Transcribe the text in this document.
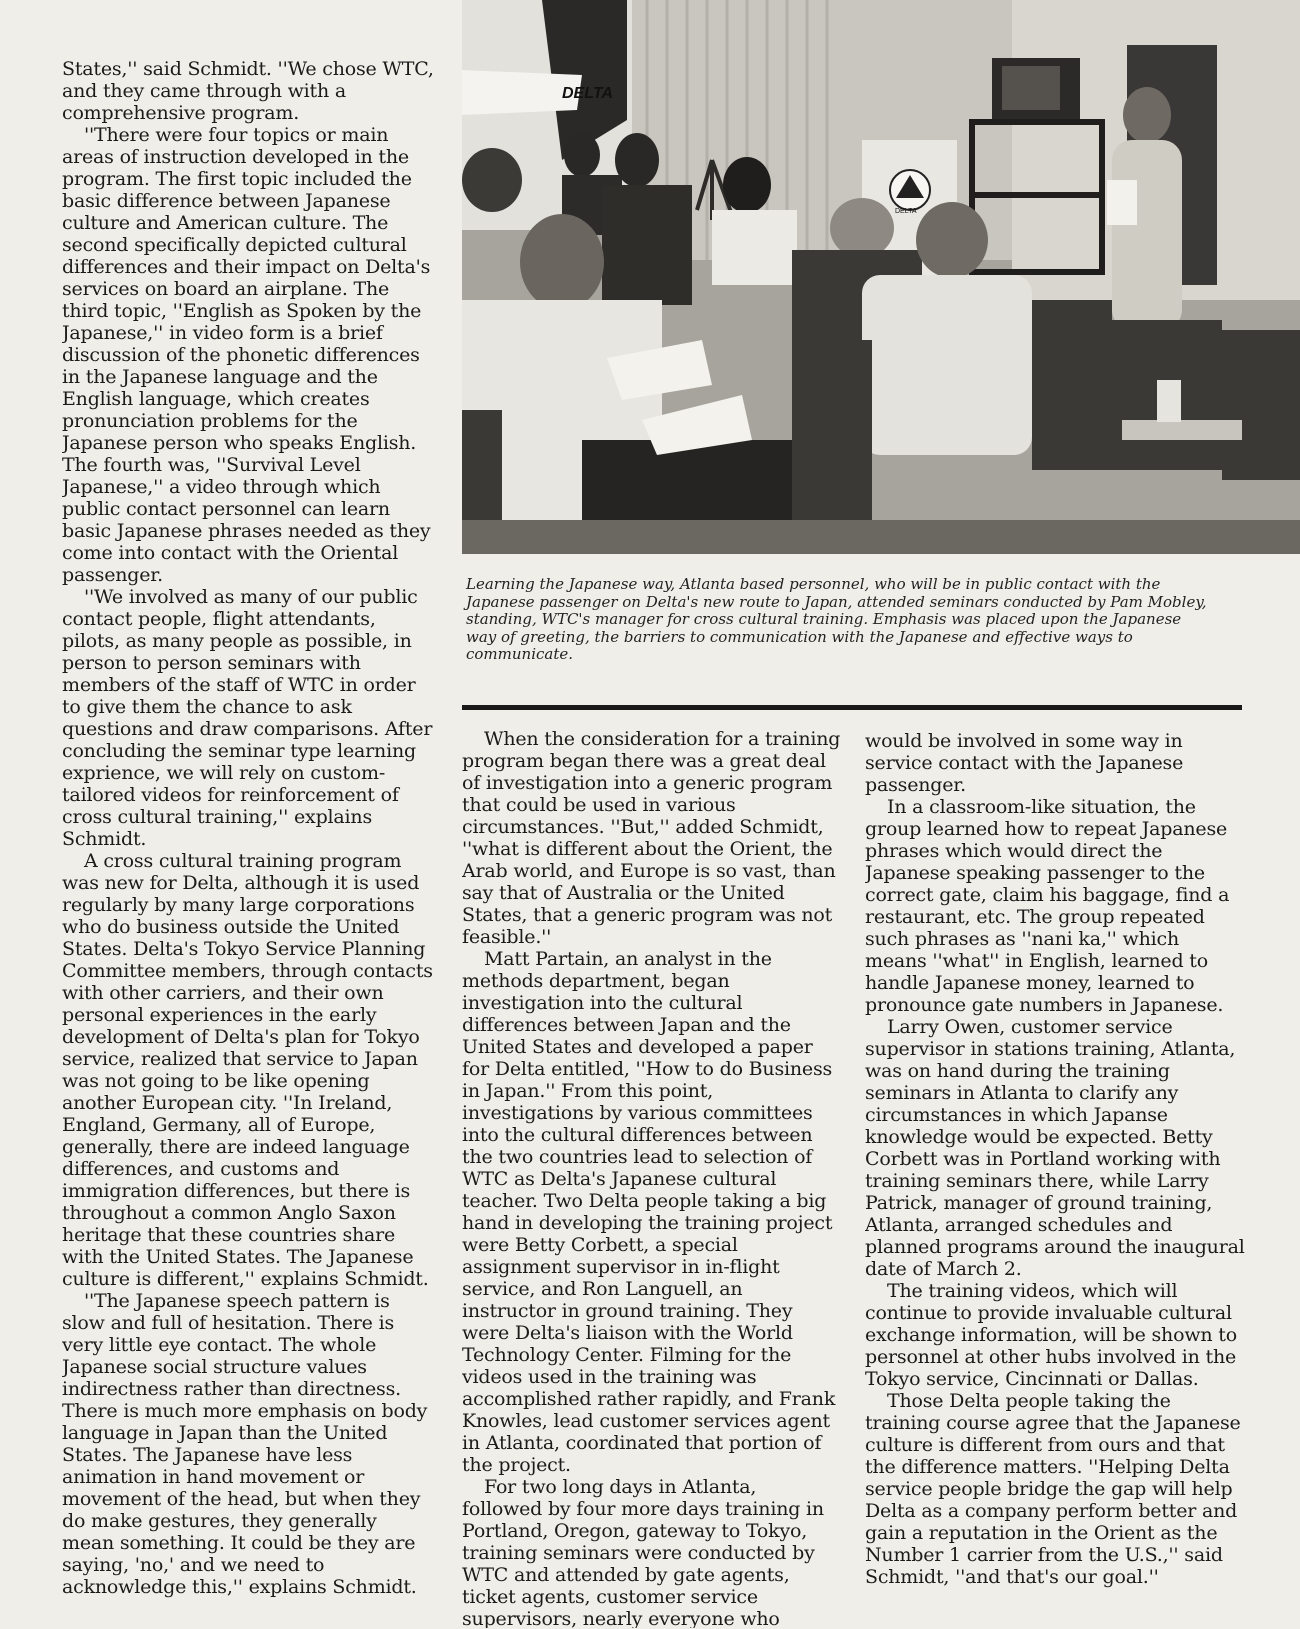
DELTA
DELTA

Learning the Japanese way, Atlanta based personnel, who will be in public contact with the Japanese passenger on Delta's new route to Japan, attended seminars conducted by Pam Mobley, standing, WTC's manager for cross cultural training. Emphasis was placed upon the Japanese way of greeting, the barriers to communication with the Japanese and effective ways to communicate.

States,'' said Schmidt. ''We chose WTC, and they came through with a comprehensive program.

''There were four topics or main areas of instruction developed in the program. The first topic included the basic difference between Japanese culture and American culture. The second specifically depicted cultural differences and their impact on Delta's services on board an airplane. The third topic, ''English as Spoken by the Japanese,'' in video form is a brief discussion of the phonetic differences in the Japanese language and the English language, which creates pronunciation problems for the Japanese person who speaks English. The fourth was, ''Survival Level Japanese,'' a video through which public contact personnel can learn basic Japanese phrases needed as they come into contact with the Oriental passenger.

''We involved as many of our public contact people, flight attendants, pilots, as many people as possible, in person to person seminars with members of the staff of WTC in order to give them the chance to ask questions and draw comparisons. After concluding the seminar type learning exprience, we will rely on custom-tailored videos for reinforcement of cross cultural training,'' explains Schmidt.

A cross cultural training program was new for Delta, although it is used regularly by many large corporations who do business outside the United States. Delta's Tokyo Service Planning Committee members, through contacts with other carriers, and their own personal experiences in the early development of Delta's plan for Tokyo service, realized that service to Japan was not going to be like opening another European city. ''In Ireland, England, Germany, all of Europe, generally, there are indeed language differences, and customs and immigration differences, but there is throughout a common Anglo Saxon heritage that these countries share with the United States. The Japanese culture is different,'' explains Schmidt.

''The Japanese speech pattern is slow and full of hesitation. There is very little eye contact. The whole Japanese social structure values indirectness rather than directness. There is much more emphasis on body language in Japan than the United States. The Japanese have less animation in hand movement or movement of the head, but when they do make gestures, they generally mean something. It could be they are saying, 'no,' and we need to acknowledge this,'' explains Schmidt.

When the consideration for a training program began there was a great deal of investigation into a generic program that could be used in various circumstances. ''But,'' added Schmidt, ''what is different about the Orient, the Arab world, and Europe is so vast, than say that of Australia or the United States, that a generic program was not feasible.''

Matt Partain, an analyst in the methods department, began investigation into the cultural differences between Japan and the United States and developed a paper for Delta entitled, ''How to do Business in Japan.'' From this point, investigations by various committees into the cultural differences between the two countries lead to selection of WTC as Delta's Japanese cultural teacher. Two Delta people taking a big hand in developing the training project were Betty Corbett, a special assignment supervisor in in-flight service, and Ron Languell, an instructor in ground training. They were Delta's liaison with the World Technology Center. Filming for the videos used in the training was accomplished rather rapidly, and Frank Knowles, lead customer services agent in Atlanta, coordinated that portion of the project.

For two long days in Atlanta, followed by four more days training in Portland, Oregon, gateway to Tokyo, training seminars were conducted by WTC and attended by gate agents, ticket agents, customer service supervisors, nearly everyone who

would be involved in some way in service contact with the Japanese passenger.

In a classroom-like situation, the group learned how to repeat Japanese phrases which would direct the Japanese speaking passenger to the correct gate, claim his baggage, find a restaurant, etc. The group repeated such phrases as ''nani ka,'' which means ''what'' in English, learned to handle Japanese money, learned to pronounce gate numbers in Japanese.

Larry Owen, customer service supervisor in stations training, Atlanta, was on hand during the training seminars in Atlanta to clarify any circumstances in which Japanse knowledge would be expected. Betty Corbett was in Portland working with training seminars there, while Larry Patrick, manager of ground training, Atlanta, arranged schedules and planned programs around the inaugural date of March 2.

The training videos, which will continue to provide invaluable cultural exchange information, will be shown to personnel at other hubs involved in the Tokyo service, Cincinnati or Dallas.

Those Delta people taking the training course agree that the Japanese culture is different from ours and that the difference matters. ''Helping Delta service people bridge the gap will help Delta as a company perform better and gain a reputation in the Orient as the Number 1 carrier from the U.S.,'' said Schmidt, ''and that's our goal.''
